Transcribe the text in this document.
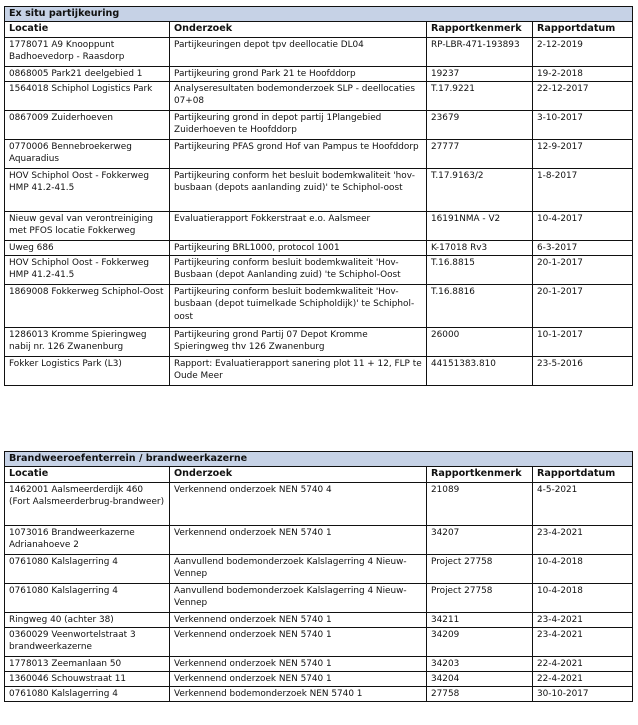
Ex situ partijkeuring			
Locatie	Onderzoek	Rapportkenmerk	Rapportdatum
1778071 A9 Knooppunt Badhoevedorp - Raasdorp	Partijkeuringen depot tpv deellocatie DL04	RP-LBR-471-193893	2-12-2019
0868005 Park21 deelgebied 1	Partijkeuring grond Park 21 te Hoofddorp	19237	19-2-2018
1564018 Schiphol Logistics Park	Analyseresultaten bodemonderzoek SLP - deellocaties 07+08	T.17.9221	22-12-2017
0867009 Zuiderhoeven	Partijkeuring grond in depot partij 1Plangebied Zuiderhoeven te Hoofddorp	23679	3-10-2017
0770006 Bennebroekerweg Aquaradius	Partijkeuring PFAS grond Hof van Pampus te Hoofddorp	27777	12-9-2017
HOV Schiphol Oost - Fokkerweg HMP 41.2-41.5	Partijkeuring conform het besluit bodemkwaliteit 'hov-busbaan (depots aanlanding zuid)' te Schiphol-oost	T.17.9163/2	1-8-2017
Nieuw geval van verontreiniging met PFOS locatie Fokkerweg	Evaluatierapport Fokkerstraat e.o. Aalsmeer	16191NMA - V2	10-4-2017
Uweg 686	Partijkeuring BRL1000, protocol 1001	K-17018 Rv3	6-3-2017
HOV Schiphol Oost - Fokkerweg HMP 41.2-41.5	Partijkeuring conform besluit bodemkwaliteit 'Hov-Busbaan (depot Aanlanding zuid) 'te Schiphol-Oost	T.16.8815	20-1-2017
1869008 Fokkerweg Schiphol-Oost	Partijkeuring conform besluit bodemkwaliteit 'Hov-busbaan (depot tuimelkade Schipholdijk)' te Schiphol-oost	T.16.8816	20-1-2017
1286013 Kromme Spieringweg nabij nr. 126 Zwanenburg	Partijkeuring grond Partij 07 Depot Kromme Spieringweg thv 126 Zwanenburg	26000	10-1-2017
Fokker Logistics Park (L3)	Rapport: Evaluatierapport sanering plot 11 + 12, FLP te Oude Meer	44151383.810	23-5-2016
Brandweeroefenterrein / brandweerkazerne			
Locatie	Onderzoek	Rapportkenmerk	Rapportdatum
1462001 Aalsmeerderdijk 460 (Fort Aalsmeerderbrug-brandweer)	Verkennend onderzoek NEN 5740 4	21089	4-5-2021
1073016 Brandweerkazerne Adrianahoeve 2	Verkennend onderzoek NEN 5740 1	34207	23-4-2021
0761080 Kalslagerring 4	Aanvullend bodemonderzoek Kalslagerring 4 Nieuw-Vennep	Project 27758	10-4-2018
0761080 Kalslagerring 4	Aanvullend bodemonderzoek Kalslagerring 4 Nieuw-Vennep	Project 27758	10-4-2018
Ringweg 40 (achter 38)	Verkennend onderzoek NEN 5740 1	34211	23-4-2021
0360029 Veenwortelstraat 3 brandweerkazerne	Verkennend onderzoek NEN 5740 1	34209	23-4-2021
1778013 Zeemanlaan 50	Verkennend onderzoek NEN 5740 1	34203	22-4-2021
1360046 Schouwstraat 11	Verkennend onderzoek NEN 5740 1	34204	22-4-2021
0761080 Kalslagerring 4	Verkennend bodemonderzoek NEN 5740 1	27758	30-10-2017
